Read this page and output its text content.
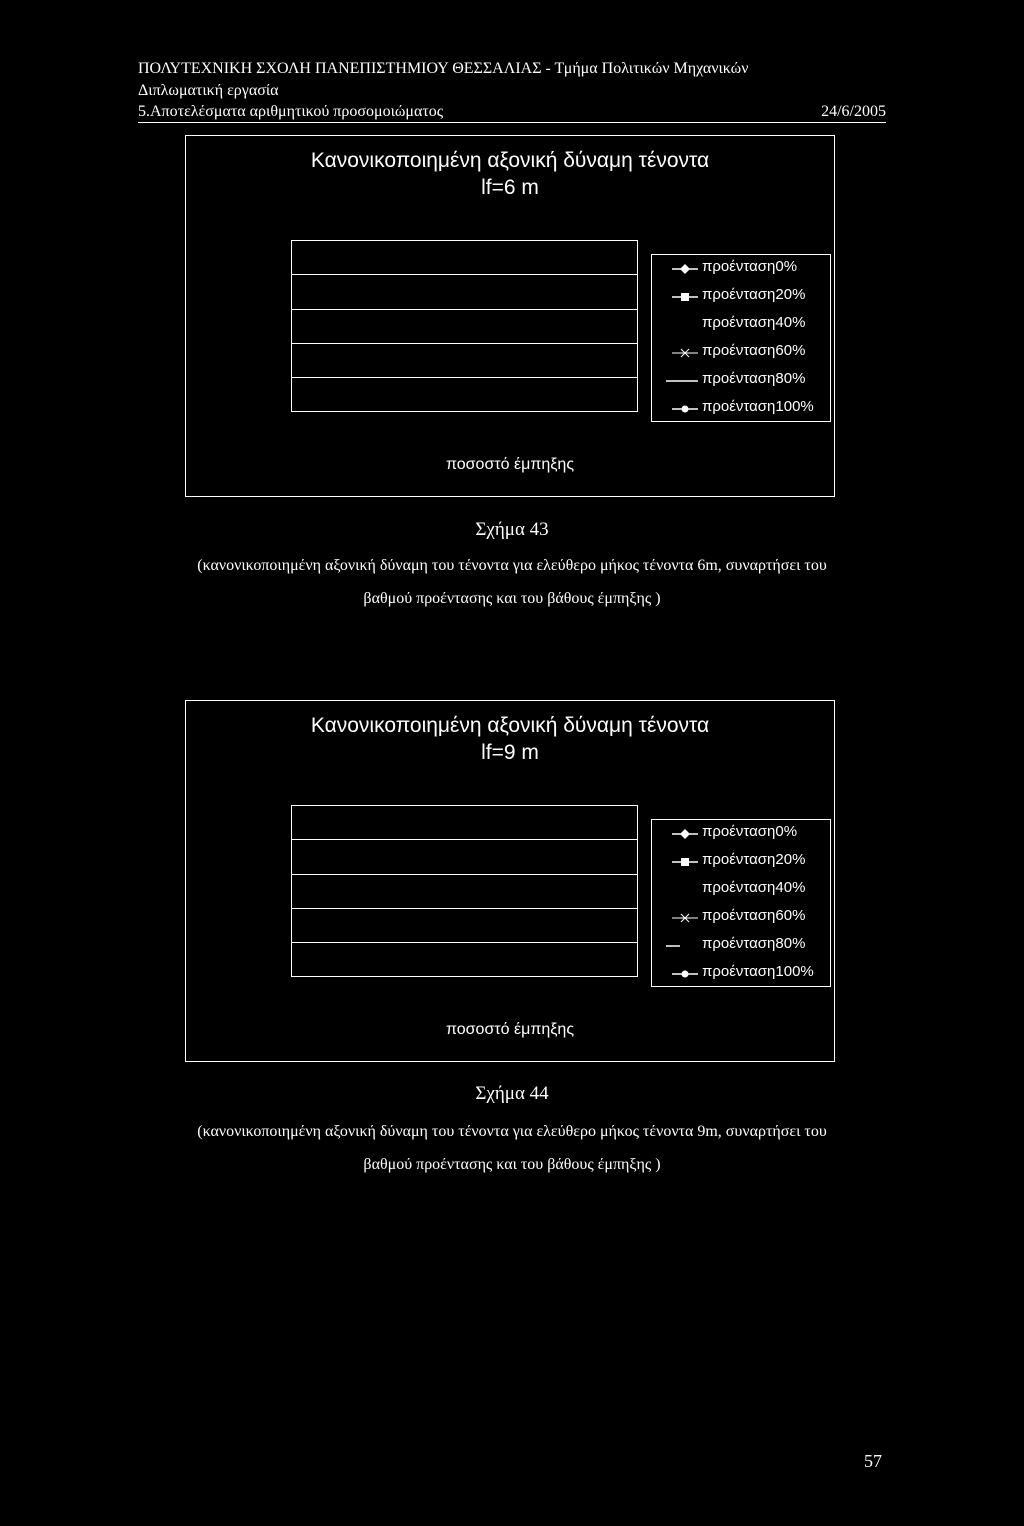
ΠΟΛΥΤΕΧΝΙΚΗ ΣΧΟΛΗ ΠΑΝΕΠΙΣΤΗΜΙΟΥ ΘΕΣΣΑΛΙΑΣ - Τμήμα Πολιτικών Μηχανικών
Διπλωματική εργασία
5.Αποτελέσματα αριθμητικού προσομοιώματος	24/6/2005
Κανονικοποιημένη αξονική δύναμη τένοντα
lf=6 m
προένταση0%
προένταση20%
προένταση40%
προένταση60%
προένταση80%
προένταση100%
ποσοστό έμπηξης
Σχήμα 43
(κανονικοποιημένη αξονική δύναμη του τένοντα για ελεύθερο μήκος τένοντα 6m, συναρτήσει του
βαθμού προέντασης και του βάθους έμπηξης )
Κανονικοποιημένη αξονική δύναμη τένοντα
lf=9 m
προένταση0%
προένταση20%
προένταση40%
προένταση60%
προένταση80%
προένταση100%
ποσοστό έμπηξης
Σχήμα 44
(κανονικοποιημένη αξονική δύναμη του τένοντα για ελεύθερο μήκος τένοντα 9m, συναρτήσει του
βαθμού προέντασης και του βάθους έμπηξης )
57
